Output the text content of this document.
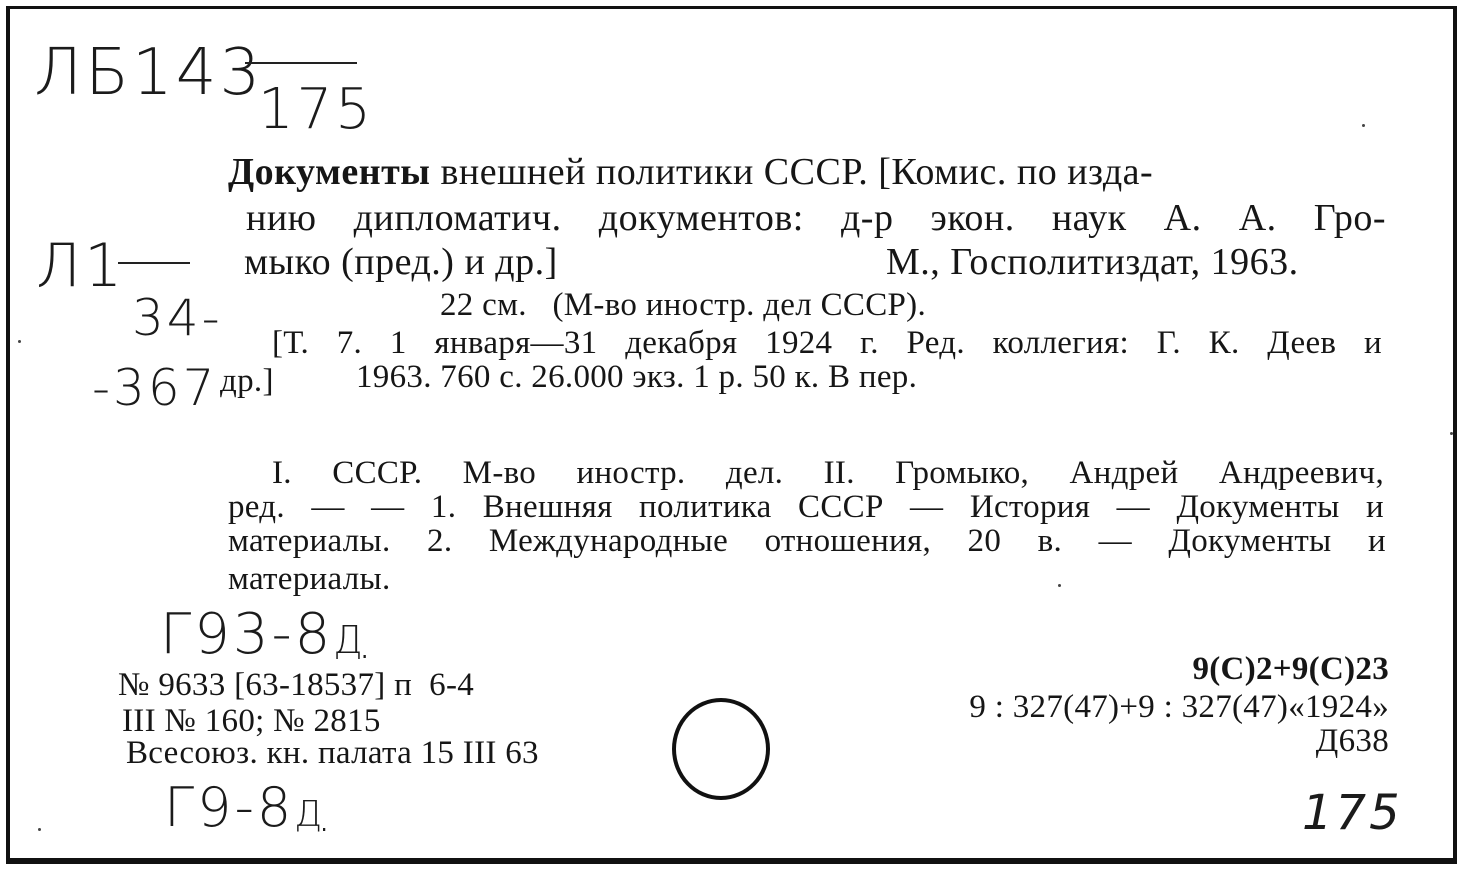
ЛБ143
175
Л1
34-
-367
Документы внешней политики СССР. [Комис. по изда-
нию дипломатич. документов: д-р экон. наук А. А. Гро-
мыко (пред.) и др.]	М., Госполитиздат, 1963.
22 см.   (М-во иностр. дел СССР).
[Т. 7. 1 января—31 декабря 1924 г. Ред. коллегия: Г. К. Деев и
др.] 1963. 760 с. 26.000 экз. 1 р. 50 к. В пер.
I. СССР. М-во иностр. дел. II. Громыко, Андрей Андреевич,
ред. — — 1. Внешняя политика СССР — История — Документы и
материалы. 2. Международные отношения, 20 в. — Документы и
материалы.
Г93-8Д
Г9-8Д
№ 9633 [63-18537] п  6-4
III № 160; № 2815
Всесоюз. кн. палата 15 III 63
9(С)2+9(С)23
9 : 327(47)+9 : 327(47)«1924»
Д638
175
